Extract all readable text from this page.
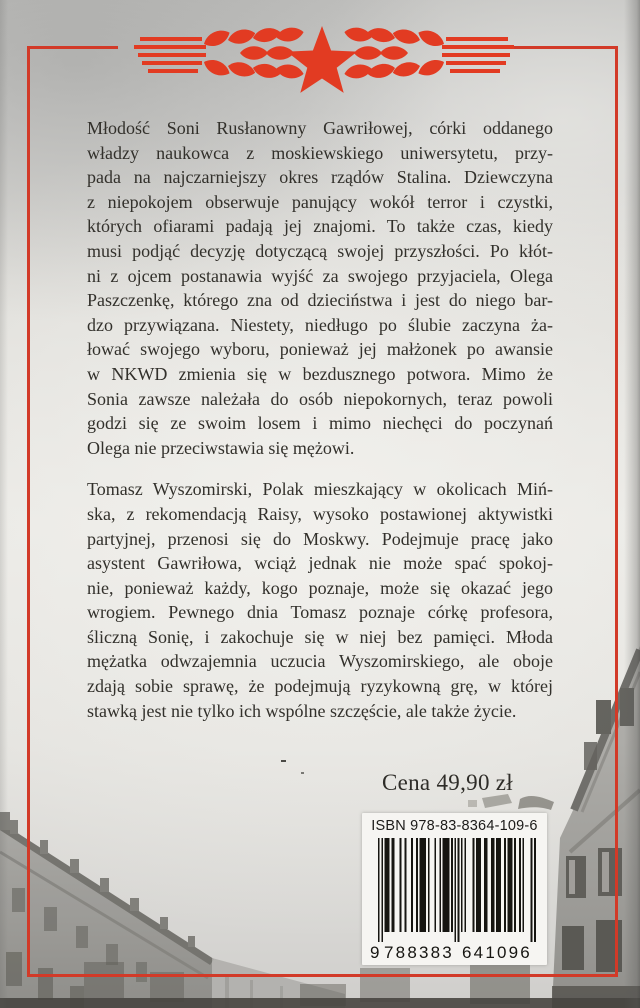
Młodość Soni Rusłanowny Gawriłowej, córki oddanego
władzy naukowca z moskiewskiego uniwersytetu, przy-
pada na najczarniejszy okres rządów Stalina. Dziewczyna
z niepokojem obserwuje panujący wokół terror i czystki,
których ofiarami padają jej znajomi. To także czas, kiedy
musi podjąć decyzję dotyczącą swojej przyszłości. Po kłót-
ni z ojcem postanawia wyjść za swojego przyjaciela, Olega
Paszczenkę, którego zna od dzieciństwa i jest do niego bar-
dzo przywiązana. Niestety, niedługo po ślubie zaczyna ża-
łować swojego wyboru, ponieważ jej małżonek po awansie
w NKWD zmienia się w bezdusznego potwora. Mimo że
Sonia zawsze należała do osób niepokornych, teraz powoli
godzi się ze swoim losem i mimo niechęci do poczynań
Olega nie przeciwstawia się mężowi.
Tomasz Wyszomirski, Polak mieszkający w okolicach Miń-
ska, z rekomendacją Raisy, wysoko postawionej aktywistki
partyjnej, przenosi się do Moskwy. Podejmuje pracę jako
asystent Gawriłowa, wciąż jednak nie może spać spokoj-
nie, ponieważ każdy, kogo poznaje, może się okazać jego
wrogiem. Pewnego dnia Tomasz poznaje córkę profesora,
śliczną Sonię, i zakochuje się w niej bez pamięci. Młoda
mężatka odwzajemnia uczucia Wyszomirskiego, ale oboje
zdają sobie sprawę, że podejmują ryzykowną grę, w której
stawką jest nie tylko ich wspólne szczęście, ale także życie.
Cena 49,90 zł
ISBN 978-83-8364-109-6
9 788383 641096
